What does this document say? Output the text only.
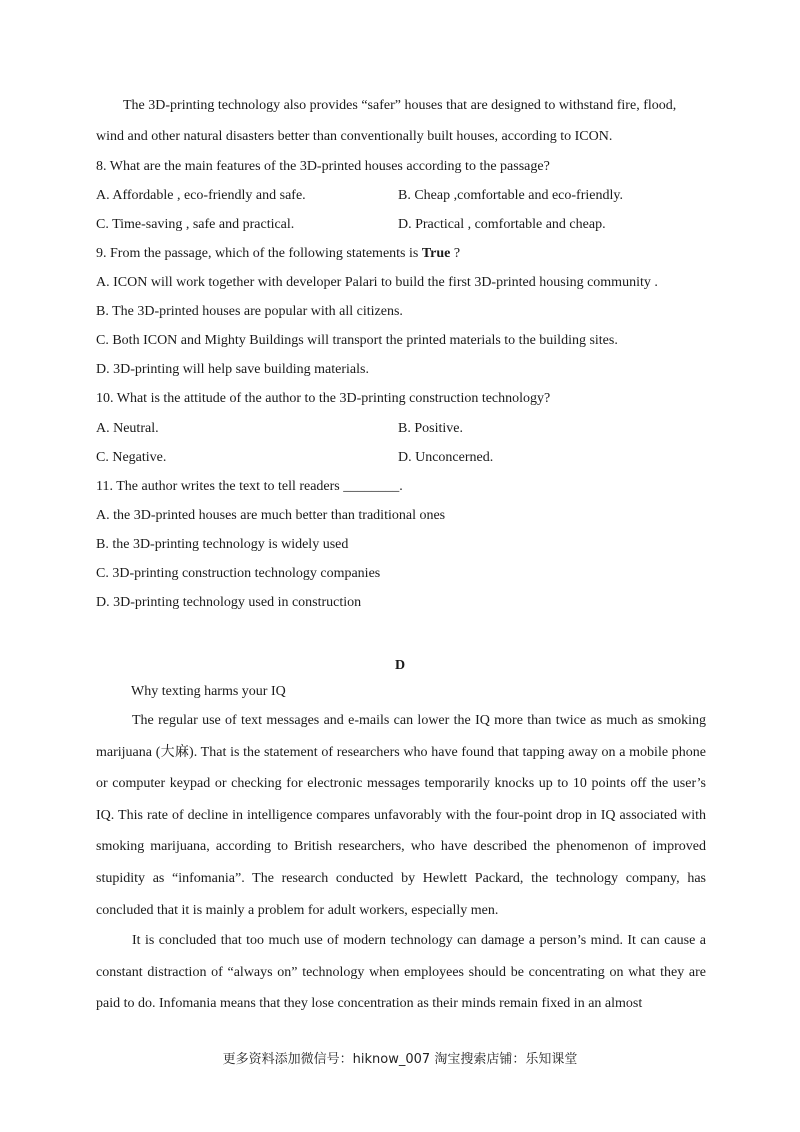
The 3D-printing technology also provides “safer” houses that are designed to withstand fire, flood,
wind and other natural disasters better than conventionally built houses, according to ICON.
8. What are the main features of the 3D-printed houses according to the passage?
A. Affordable , eco-friendly and safe.	B. Cheap ,comfortable and eco-friendly.
C. Time-saving , safe and practical.	D. Practical , comfortable and cheap.
9. From the passage, which of the following statements is True ?
A. ICON will work together with developer Palari to build the first 3D-printed housing community .
B. The 3D-printed houses are popular with all citizens.
C. Both ICON and Mighty Buildings will transport the printed materials to the building sites.
D. 3D-printing will help save building materials.
10. What is the attitude of the author to the 3D-printing construction technology?
A. Neutral.	B. Positive.
C. Negative.	D. Unconcerned.
11. The author writes the text to tell readers ________.
A. the 3D-printed houses are much better than traditional ones
B. the 3D-printing technology is widely used
C. 3D-printing construction technology companies
D. 3D-printing technology used in construction
D
Why texting harms your IQ
The regular use of text messages and e-mails can lower the IQ more than twice as much as smoking marijuana (大麻). That is the statement of researchers who have found that tapping away on a mobile phone or computer keypad or checking for electronic messages temporarily knocks up to 10 points off the user’s IQ. This rate of decline in intelligence compares unfavorably with the four-point drop in IQ associated with smoking marijuana, according to British researchers, who have described the phenomenon of improved stupidity as “infomania”. The research conducted by Hewlett Packard, the technology company, has concluded that it is mainly a problem for adult workers, especially men.
It is concluded that too much use of modern technology can damage a person’s mind. It can cause a constant distraction of “always on” technology when employees should be concentrating on what they are paid to do. Infomania means that they lose concentration as their minds remain fixed in an almost
更多资料添加微信号：hiknow_007 淘宝搜索店铺：乐知课堂
